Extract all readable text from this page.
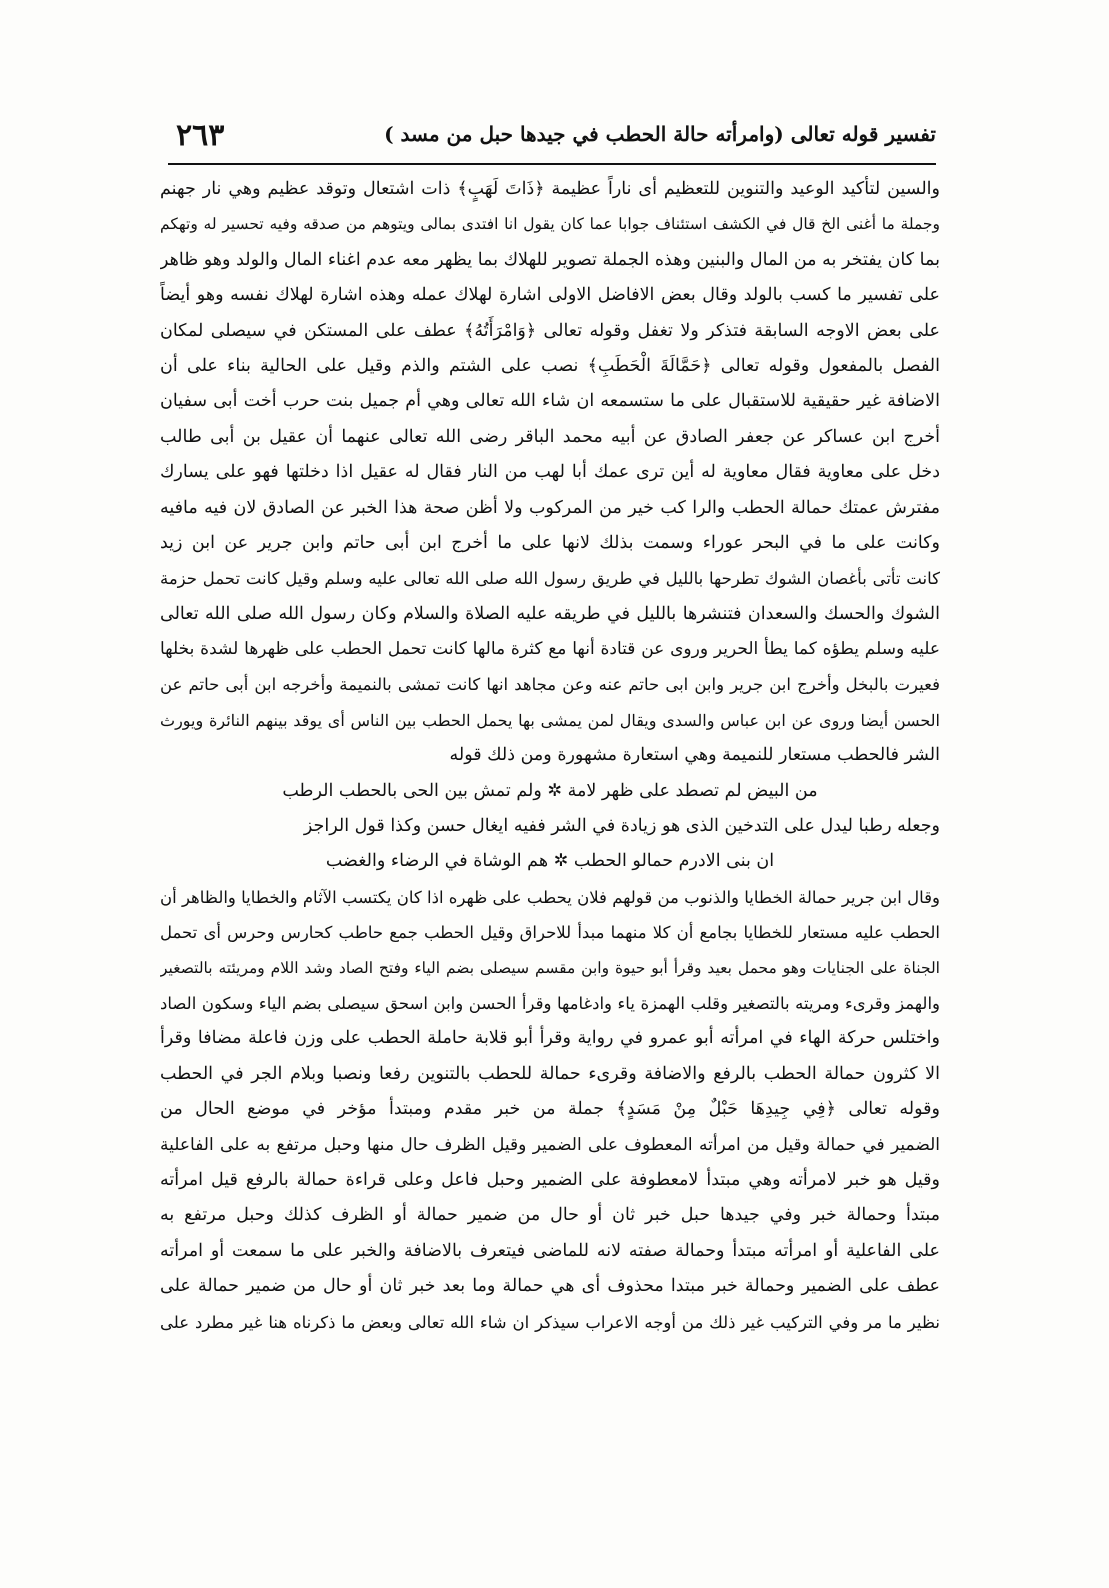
تفسير قوله تعالى (وامرأته حالة الحطب في جيدها حبل من مسد )
٢٦٣
والسين لتأكيد الوعيد والتنوين للتعظيم أى ناراً عظيمة ﴿ذَاتَ لَهَبٍ﴾ ذات اشتعال وتوقد عظيم وهي نار جهنم
وجملة ما أغنى الخ قال في الكشف استئناف جوابا عما كان يقول انا افتدى بمالى ويتوهم من صدقه وفيه تحسير له وتهكم
بما كان يفتخر به من المال والبنين وهذه الجملة تصوير للهلاك بما يظهر معه عدم اغناء المال والولد وهو ظاهر
على تفسير ما كسب بالولد وقال بعض الافاضل الاولى اشارة لهلاك عمله وهذه اشارة لهلاك نفسه وهو أيضاً
على بعض الاوجه السابقة فتذكر ولا تغفل وقوله تعالى ﴿وَامْرَأَتُهُ﴾ عطف على المستكن في سيصلى لمكان
الفصل بالمفعول وقوله تعالى ﴿حَمَّالَةَ الْحَطَبِ﴾ نصب على الشتم والذم وقيل على الحالية بناء على أن
الاضافة غير حقيقية للاستقبال على ما ستسمعه ان شاء الله تعالى وهي أم جميل بنت حرب أخت أبى سفيان
أخرج ابن عساكر عن جعفر الصادق عن أبيه محمد الباقر رضى الله تعالى عنهما أن عقيل بن أبى طالب
دخل على معاوية فقال معاوية له أين ترى عمك أبا لهب من النار فقال له عقيل اذا دخلتها فهو على يسارك
مفترش عمتك حمالة الحطب والرا كب خير من المركوب ولا أظن صحة هذا الخبر عن الصادق لان فيه مافيه
وكانت على ما في البحر عوراء وسمت بذلك لانها على ما أخرج ابن أبى حاتم وابن جرير عن ابن زيد
كانت تأتى بأغصان الشوك تطرحها بالليل في طريق رسول الله صلى الله تعالى عليه وسلم وقيل كانت تحمل حزمة
الشوك والحسك والسعدان فتنشرها بالليل في طريقه عليه الصلاة والسلام وكان رسول الله صلى الله تعالى
عليه وسلم يطؤه كما يطأ الحرير وروى عن قتادة أنها مع كثرة مالها كانت تحمل الحطب على ظهرها لشدة بخلها
فعيرت بالبخل وأخرج ابن جرير وابن ابى حاتم عنه وعن مجاهد انها كانت تمشى بالنميمة وأخرجه ابن أبى حاتم عن
الحسن أيضا وروى عن ابن عباس والسدى ويقال لمن يمشى بها يحمل الحطب بين الناس أى يوقد بينهم النائرة ويورث
الشر فالحطب مستعار للنميمة وهي استعارة مشهورة ومن ذلك قوله
من البيض لم تصطد على ظهر لامة ✲ ولم تمش بين الحى بالحطب الرطب
وجعله رطبا ليدل على التدخين الذى هو زيادة في الشر ففيه ايغال حسن وكذا قول الراجز
ان بنى الادرم حمالو الحطب ✲ هم الوشاة في الرضاء والغضب
وقال ابن جرير حمالة الخطايا والذنوب من قولهم فلان يحطب على ظهره اذا كان يكتسب الآثام والخطايا والظاهر أن
الحطب عليه مستعار للخطايا بجامع أن كلا منهما مبدأ للاحراق وقيل الحطب جمع حاطب كحارس وحرس أى تحمل
الجناة على الجنايات وهو محمل بعيد وقرأ أبو حيوة وابن مقسم سيصلى بضم الياء وفتح الصاد وشد اللام ومريئته بالتصغير
والهمز وقرىء ومريته بالتصغير وقلب الهمزة ياء وادغامها وقرأ الحسن وابن اسحق سيصلى بضم الياء وسكون الصاد
واختلس حركة الهاء في امرأته أبو عمرو في رواية وقرأ أبو قلابة حاملة الحطب على وزن فاعلة مضافا وقرأ
الا كثرون حمالة الحطب بالرفع والاضافة وقرىء حمالة للحطب بالتنوين رفعا ونصبا وبلام الجر في الحطب
وقوله تعالى ﴿فِي جِيدِهَا حَبْلٌ مِنْ مَسَدٍ﴾ جملة من خبر مقدم ومبتدأ مؤخر في موضع الحال من
الضمير في حمالة وقيل من امرأته المعطوف على الضمير وقيل الظرف حال منها وحبل مرتفع به على الفاعلية
وقيل هو خبر لامرأته وهي مبتدأ لامعطوفة على الضمير وحبل فاعل وعلى قراءة حمالة بالرفع قيل امرأته
مبتدأ وحمالة خبر وفي جيدها حبل خبر ثان أو حال من ضمير حمالة أو الظرف كذلك وحبل مرتفع به
على الفاعلية أو امرأته مبتدأ وحمالة صفته لانه للماضى فيتعرف بالاضافة والخبر على ما سمعت أو امرأته
عطف على الضمير وحمالة خبر مبتدا محذوف أى هي حمالة وما بعد خبر ثان أو حال من ضمير حمالة على
نظير ما مر وفي التركيب غير ذلك من أوجه الاعراب سيذكر ان شاء الله تعالى وبعض ما ذكرناه هنا غير مطرد على
